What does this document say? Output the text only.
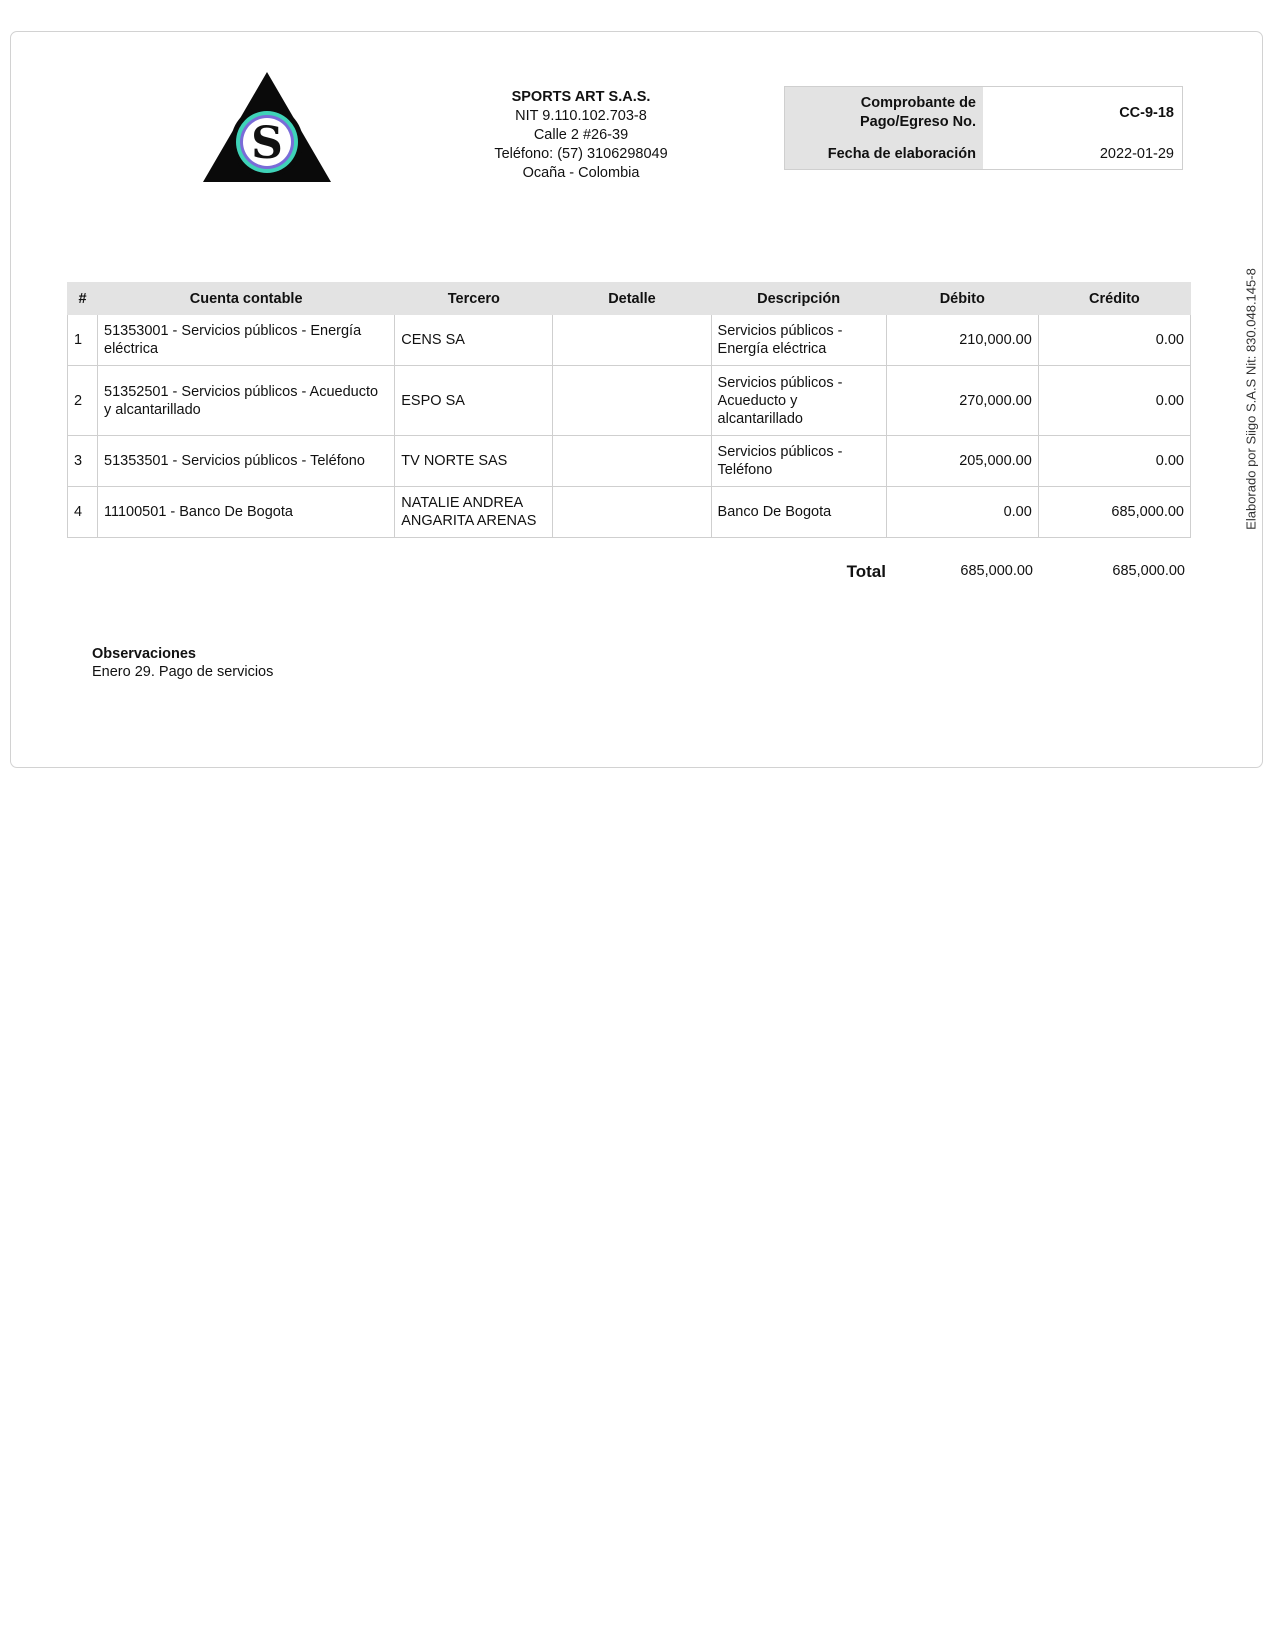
S
SPORTS ART S.A.S.
NIT 9.110.102.703-8
Calle 2 #26-39
Teléfono: (57) 3106298049
Ocaña - Colombia
Comprobante de Pago/Egreso No.
CC-9-18
Fecha de elaboración	2022-01-29
Elaborado por Siigo S.A.S Nit: 830.048.145-8
#	Cuenta contable	Tercero	Detalle	Descripción	Débito	Crédito
1	51353001 - Servicios públicos - Energía eléctrica	CENS SA		Servicios públicos - Energía eléctrica	210,000.00	0.00
2	51352501 - Servicios públicos - Acueducto y alcantarillado	ESPO SA		Servicios públicos - Acueducto y alcantarillado	270,000.00	0.00
3	51353501 - Servicios públicos - Teléfono	TV NORTE SAS		Servicios públicos - Teléfono	205,000.00	0.00
4	11100501 - Banco De Bogota	NATALIE ANDREA ANGARITA ARENAS		Banco De Bogota	0.00	685,000.00
Total	685,000.00	685,000.00
Observaciones
Enero 29. Pago de servicios
